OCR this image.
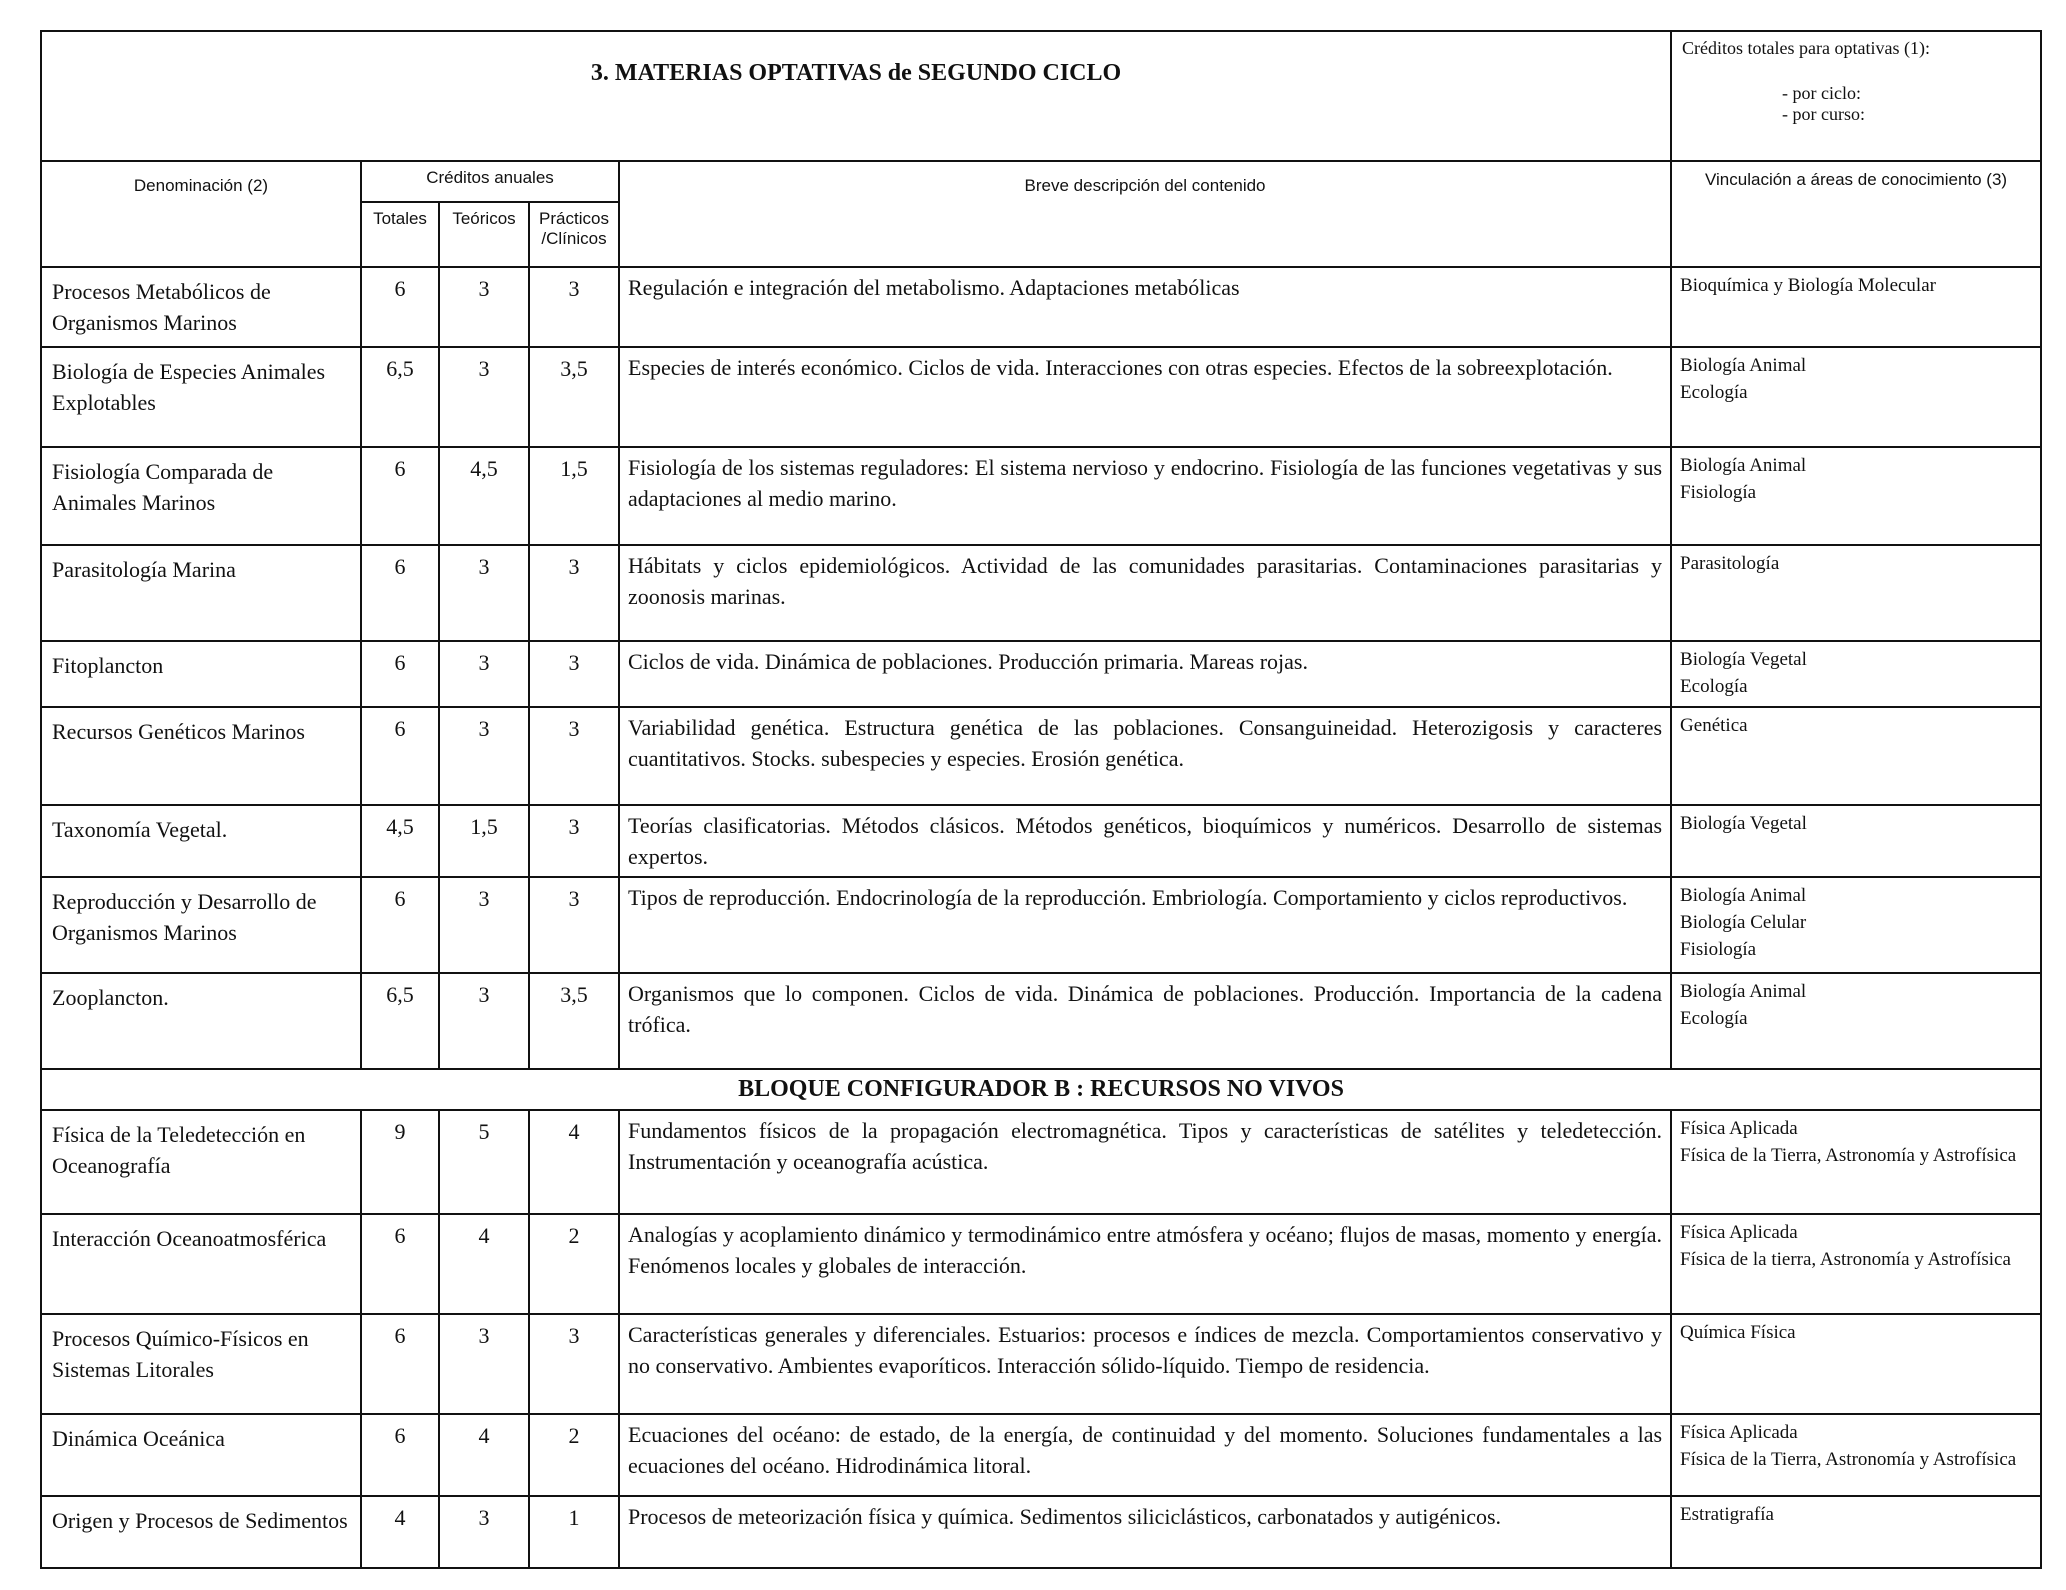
3. MATERIAS OPTATIVAS de SEGUNDO CICLO					Créditos totales para optativas (1):
- por ciclo:
- por curso:

Denominación (2)	Créditos anuales			Breve descripción del contenido	Vinculación a áreas de conocimiento (3)
	Totales	Teóricos	Prácticos /Clínicos		
Procesos Metabólicos de Organismos Marinos	6	3	3	Regulación e integración del metabolismo. Adaptaciones metabólicas	Bioquímica y Biología Molecular

Biología de Especies Animales Explotables	6,5	3	3,5	Especies de interés económico. Ciclos de vida. Interacciones con otras especies. Efectos de la sobreexplotación.	Biología Animal
Ecología

Fisiología Comparada de Animales Marinos	6	4,5	1,5	Fisiología de los sistemas reguladores: El sistema nervioso y endocrino. Fisiología de las funciones vegetativas y sus adaptaciones al medio marino.	Biología Animal
Fisiología

Parasitología Marina	6	3	3	Hábitats y ciclos epidemiológicos. Actividad de las comunidades parasitarias. Contaminaciones parasitarias y zoonosis marinas.	Parasitología

Fitoplancton	6	3	3	Ciclos de vida. Dinámica de poblaciones. Producción primaria. Mareas rojas.	Biología Vegetal
Ecología

Recursos Genéticos Marinos	6	3	3	Variabilidad genética. Estructura genética de las poblaciones. Consanguineidad. Heterozigosis y caracteres cuantitativos. Stocks. subespecies y especies. Erosión genética.	Genética

Taxonomía Vegetal.	4,5	1,5	3	Teorías clasificatorias. Métodos clásicos. Métodos genéticos, bioquímicos y numéricos. Desarrollo de sistemas expertos.	Biología Vegetal

Reproducción y Desarrollo de Organismos Marinos	6	3	3	Tipos de reproducción. Endocrinología de la reproducción. Embriología. Comportamiento y ciclos reproductivos.	Biología Animal
Biología Celular
Fisiología

Zooplancton.	6,5	3	3,5	Organismos que lo componen. Ciclos de vida. Dinámica de poblaciones. Producción. Importancia de la cadena trófica.	Biología Animal
Ecología

BLOQUE CONFIGURADOR B : RECURSOS NO VIVOS					
Física de la Teledetección en Oceanografía	9	5	4	Fundamentos físicos de la propagación electromagnética. Tipos y características de satélites y teledetección. Instrumentación y oceanografía acústica.	Física Aplicada
Física de la Tierra, Astronomía y Astrofísica

Interacción Oceanoatmosférica	6	4	2	Analogías y acoplamiento dinámico y termodinámico entre atmósfera y océano; flujos de masas, momento y energía. Fenómenos locales y globales de interacción.	Física Aplicada
Física de la tierra, Astronomía y Astrofísica

Procesos Químico-Físicos en Sistemas Litorales	6	3	3	Características generales y diferenciales. Estuarios: procesos e índices de mezcla. Comportamientos conservativo y no conservativo. Ambientes evaporíticos. Interacción sólido-líquido. Tiempo de residencia.	Química Física

Dinámica Oceánica	6	4	2	Ecuaciones del océano: de estado, de la energía, de continuidad y del momento. Soluciones fundamentales a las ecuaciones del océano. Hidrodinámica litoral.	Física Aplicada
Física de la Tierra, Astronomía y Astrofísica

Origen y Procesos de Sedimentos	4	3	1	Procesos de meteorización física y química. Sedimentos siliciclásticos, carbonatados y autigénicos.	Estratigrafía
